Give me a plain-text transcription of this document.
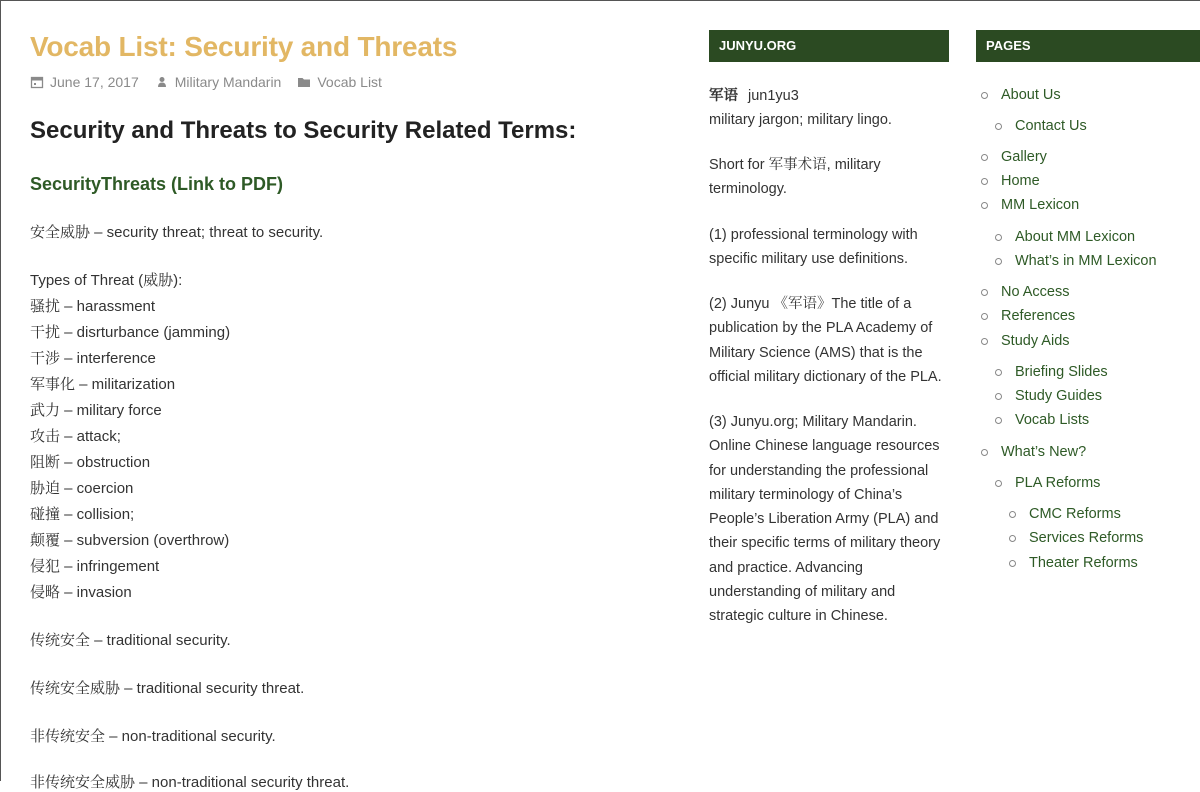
Vocab List: Security and Threats
June 17, 2017	Military Mandarin	Vocab List
Security and Threats to Security Related Terms:
SecurityThreats (Link to PDF)
安全威胁 – security threat; threat to security.
Types of Threat (威胁):
骚扰 – harassment
干扰 – disrturbance (jamming)
干涉 – interference
军事化 – militarization
武力 – military force
攻击 – attack;
阻断 – obstruction
胁迫 – coercion
碰撞 – collision;
颠覆 – subversion (overthrow)
侵犯 – infringement
侵略 – invasion
传统安全 – traditional security.
传统安全威胁 – traditional security threat.
非传统安全 – non-traditional security.
非传统安全威胁 – non-traditional security threat.
JUNYU.ORG
军语 jun1yu3
military jargon; military lingo.
Short for 军事术语, military terminology.
(1) professional terminology with specific military use definitions.
(2) Junyu 《军语》The title of a publication by the PLA Academy of Military Science (AMS) that is the official military dictionary of the PLA.
(3) Junyu.org; Military Mandarin. Online Chinese language resources for understanding the professional military terminology of China’s People’s Liberation Army (PLA) and their specific terms of military theory and practice. Advancing understanding of military and strategic culture in Chinese.
PAGES
About Us
Contact Us
Gallery
Home
MM Lexicon
About MM Lexicon
What’s in MM Lexicon
No Access
References
Study Aids
Briefing Slides
Study Guides
Vocab Lists
What’s New?
PLA Reforms
CMC Reforms
Services Reforms
Theater Reforms
